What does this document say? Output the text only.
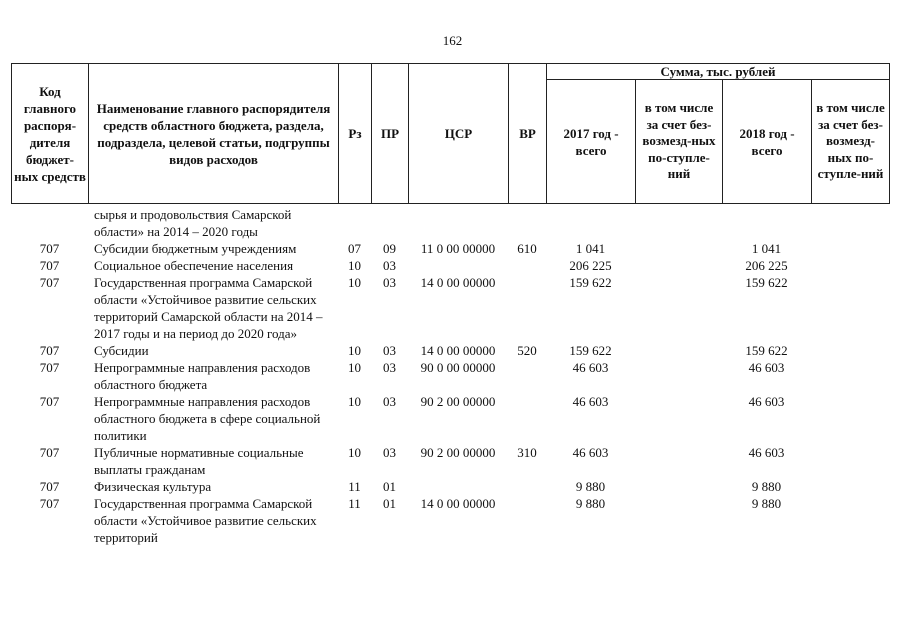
162
Код главного распоря-дителя бюджет-ных средств	Наименование главного распорядителя средств областного бюджета, раздела, подраздела, целевой статьи, подгруппы видов расходов	Рз	ПР	ЦСР	ВР	Сумма, тыс. рублей			
						2017 год - всего	в том числе за счет без-возмезд-ных по-ступле-ний	2018 год - всего	в том числе за счет без-возмезд-ных по-ступле-ний
	сырья и продовольствия Самарской области» на 2014 – 2020 годы								
707	Субсидии бюджетным учреждениям	07	09	11 0 00 00000	610	1 041		1 041	
707	Социальное обеспечение населения	10	03			206 225		206 225	
707	Государственная программа Самарской области «Устойчивое развитие сельских территорий Самарской области на 2014 – 2017 годы и на период до 2020 года»	10	03	14 0 00 00000		159 622		159 622	
707	Субсидии	10	03	14 0 00 00000	520	159 622		159 622	
707	Непрограммные направления расходов областного бюджета	10	03	90 0 00 00000		46 603		46 603	
707	Непрограммные направления расходов областного бюджета в сфере социальной политики	10	03	90 2 00 00000		46 603		46 603	
707	Публичные нормативные социальные выплаты гражданам	10	03	90 2 00 00000	310	46 603		46 603	
707	Физическая культура	11	01			9 880		9 880	
707	Государственная программа Самарской области «Устойчивое развитие сельских территорий	11	01	14 0 00 00000		9 880		9 880	
